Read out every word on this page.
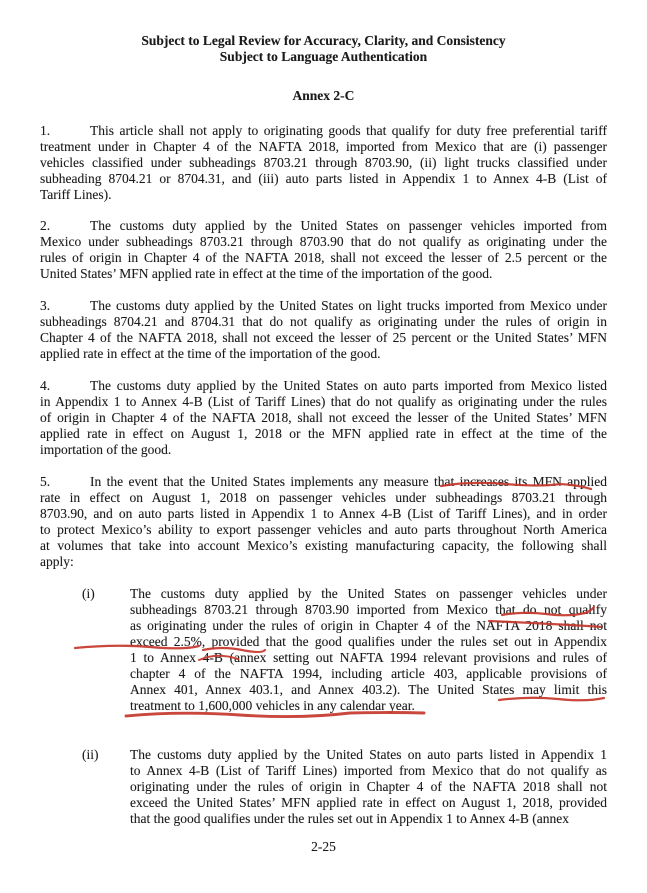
Subject to Legal Review for Accuracy, Clarity, and Consistency
Subject to Language Authentication
Annex 2-C
1.	This article shall not apply to originating goods that qualify for duty free preferential tariff
treatment under in Chapter 4 of the NAFTA 2018, imported from Mexico that are (i) passenger
vehicles classified under subheadings 8703.21 through 8703.90, (ii) light trucks classified under
subheading 8704.21 or 8704.31, and (iii) auto parts listed in Appendix 1 to Annex 4-B (List of
Tariff Lines).
2.	The customs duty applied by the United States on passenger vehicles imported from
Mexico under subheadings 8703.21 through 8703.90 that do not qualify as originating under the
rules of origin in Chapter 4 of the NAFTA 2018, shall not exceed the lesser of 2.5 percent or the
United States’ MFN applied rate in effect at the time of the importation of the good.
3.	The customs duty applied by the United States on light trucks imported from Mexico under
subheadings 8704.21 and 8704.31 that do not qualify as originating under the rules of origin in
Chapter 4 of the NAFTA 2018, shall not exceed the lesser of 25 percent or the United States’ MFN
applied rate in effect at the time of the importation of the good.
4.	The customs duty applied by the United States on auto parts imported from Mexico listed
in Appendix 1 to Annex 4-B (List of Tariff Lines) that do not qualify as originating under the rules
of origin in Chapter 4 of the NAFTA 2018, shall not exceed the lesser of the United States’ MFN
applied rate in effect on August 1, 2018 or the MFN applied rate in effect at the time of the
importation of the good.
5.	In the event that the United States implements any measure that increases its MFN applied
rate in effect on August 1, 2018 on passenger vehicles under subheadings 8703.21 through
8703.90, and on auto parts listed in Appendix 1 to Annex 4-B (List of Tariff Lines), and in order
to protect Mexico’s ability to export passenger vehicles and auto parts throughout North America
at volumes that take into account Mexico’s existing manufacturing capacity, the following shall
apply:
(i)	The customs duty applied by the United States on passenger vehicles under
subheadings 8703.21 through 8703.90 imported from Mexico that do not qualify
as originating under the rules of origin in Chapter 4 of the NAFTA 2018 shall not
exceed 2.5%, provided that the good qualifies under the rules set out in Appendix
1 to Annex 4-B (annex setting out NAFTA 1994 relevant provisions and rules of
chapter 4 of the NAFTA 1994, including article 403, applicable provisions of
Annex 401, Annex 403.1, and Annex 403.2). The United States may limit this
treatment to 1,600,000 vehicles in any calendar year.
(ii) The customs duty applied by the United States on auto parts listed in Appendix 1
to Annex 4-B (List of Tariff Lines) imported from Mexico that do not qualify as
originating under the rules of origin in Chapter 4 of the NAFTA 2018 shall not
exceed the United States’ MFN applied rate in effect on August 1, 2018, provided
that the good qualifies under the rules set out in Appendix 1 to Annex 4-B (annex
2-25
